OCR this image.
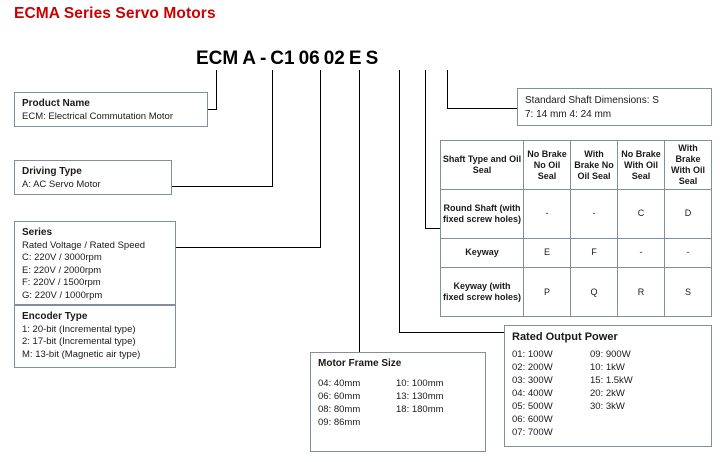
ECMA Series Servo Motors
ECM A - C1 06 02 E S
Product Name
ECM: Electrical Commutation Motor
Driving Type
A: AC Servo Motor
Series
Rated Voltage / Rated Speed
C: 220V / 3000rpm
E: 220V / 2000rpm
F: 220V / 1500rpm
G: 220V / 1000rpm
Encoder Type
1: 20-bit (Incremental type)
2: 17-bit (Incremental type)
M: 13-bit (Magnetic air type)
Motor Frame Size
04: 40mm
06: 60mm
08: 80mm
09: 86mm
10: 100mm
13: 130mm
18: 180mm
Rated Output Power
01: 100W
02: 200W
03: 300W
04: 400W
05: 500W
06: 600W
07: 700W
09: 900W
10: 1kW
15: 1.5kW
20: 2kW
30: 3kW
Standard Shaft Dimensions: S
7: 14 mm 4: 24 mm
Shaft Type and Oil Seal	No Brake No Oil Seal	With Brake No Oil Seal	No Brake With Oil Seal	With Brake With Oil Seal
Round Shaft (with fixed screw holes)	-	-	C	D
Keyway	E	F	-	-
Keyway (with fixed screw holes)	P	Q	R	S
